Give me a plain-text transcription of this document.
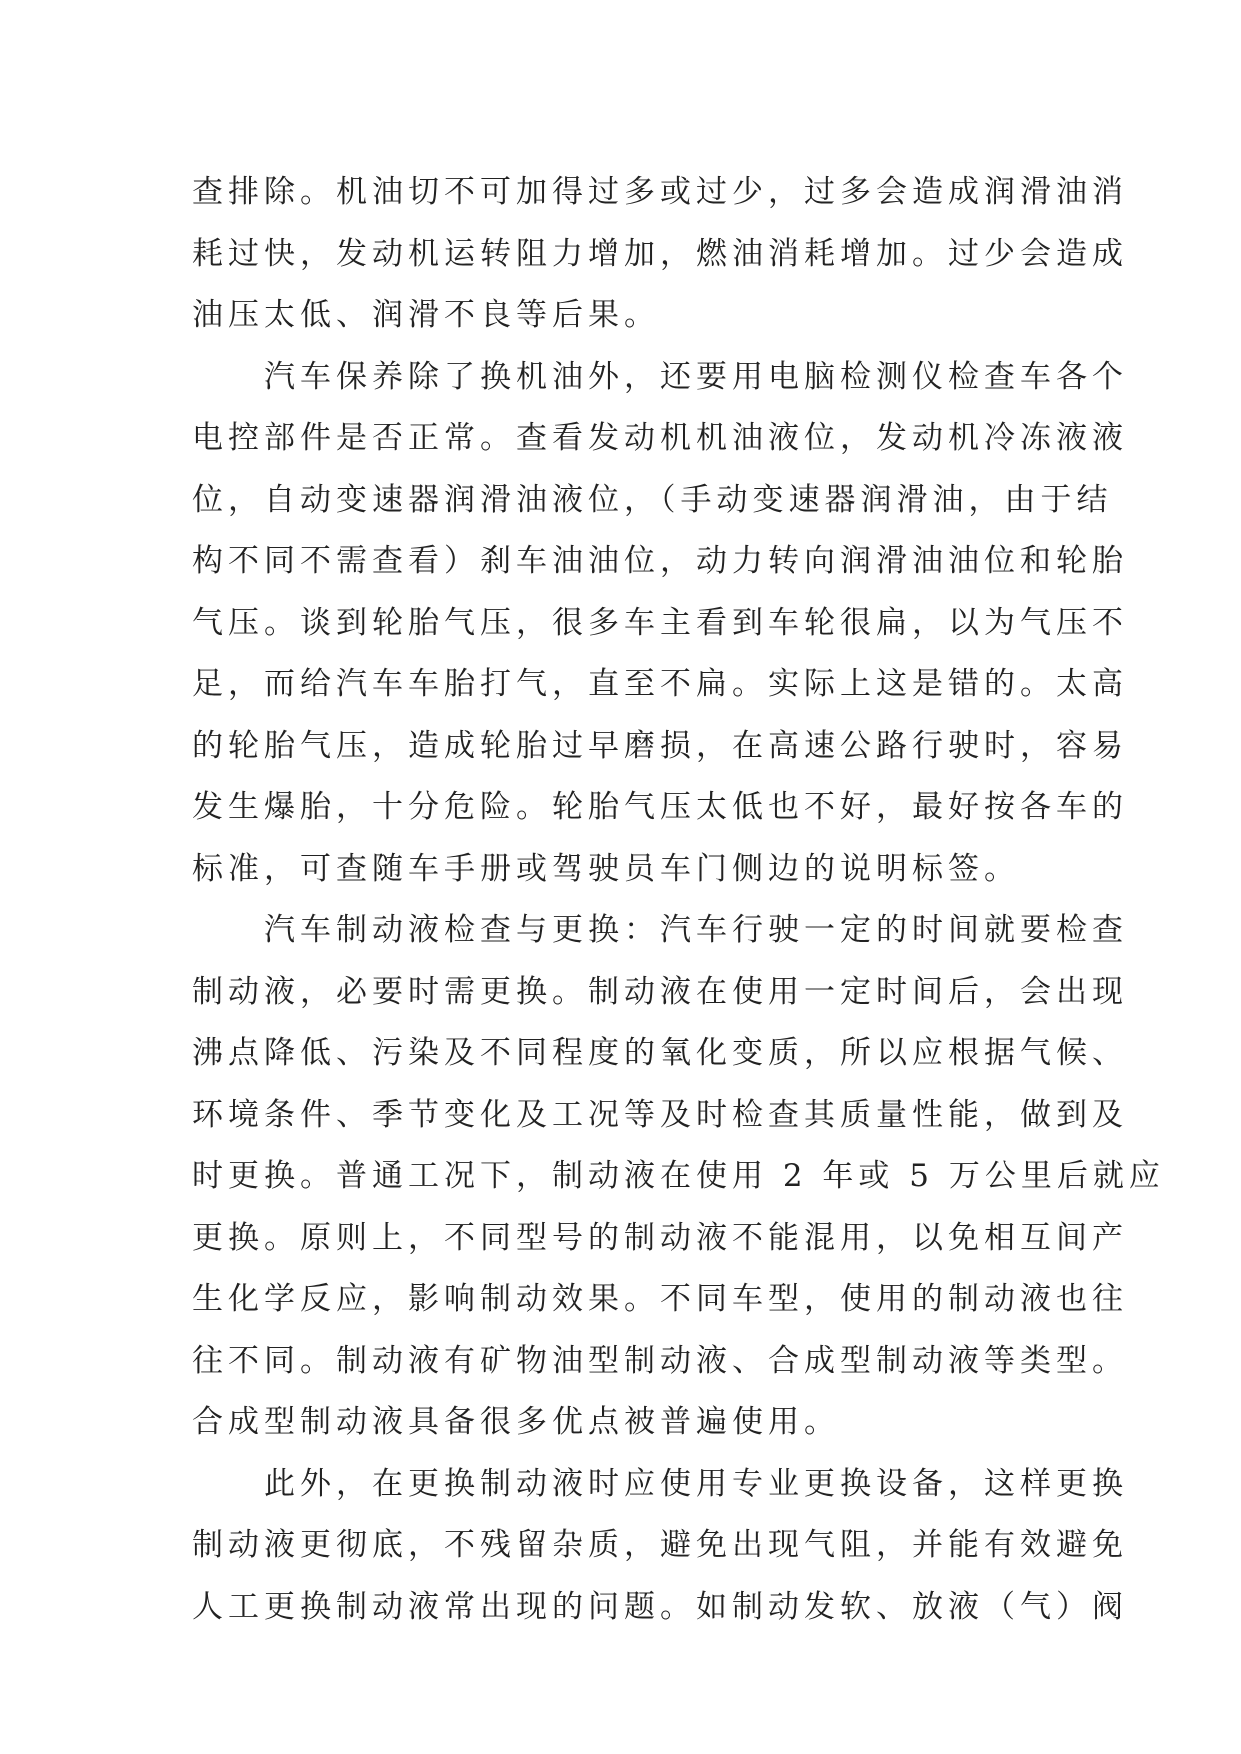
查排除。机油切不可加得过多或过少，过多会造成润滑油消
耗过快，发动机运转阻力增加，燃油消耗增加。过少会造成
油压太低、润滑不良等后果。
　　汽车保养除了换机油外，还要用电脑检测仪检查车各个
电控部件是否正常。查看发动机机油液位，发动机冷冻液液
位，自动变速器润滑油液位，（手动变速器润滑油，由于结
构不同不需查看）刹车油油位，动力转向润滑油油位和轮胎
气压。谈到轮胎气压，很多车主看到车轮很扁，以为气压不
足，而给汽车车胎打气，直至不扁。实际上这是错的。太高
的轮胎气压，造成轮胎过早磨损，在高速公路行驶时，容易
发生爆胎，十分危险。轮胎气压太低也不好，最好按各车的
标准，可查随车手册或驾驶员车门侧边的说明标签。
　　汽车制动液检查与更换：汽车行驶一定的时间就要检查
制动液，必要时需更换。制动液在使用一定时间后，会出现
沸点降低、污染及不同程度的氧化变质，所以应根据气候、
环境条件、季节变化及工况等及时检查其质量性能，做到及
时更换。普通工况下，制动液在使用 2 年或 5 万公里后就应
更换。原则上，不同型号的制动液不能混用，以免相互间产
生化学反应，影响制动效果。不同车型，使用的制动液也往
往不同。制动液有矿物油型制动液、合成型制动液等类型。
合成型制动液具备很多优点被普遍使用。
　　此外，在更换制动液时应使用专业更换设备，这样更换
制动液更彻底，不残留杂质，避免出现气阻，并能有效避免
人工更换制动液常出现的问题。如制动发软、放液（气）阀
